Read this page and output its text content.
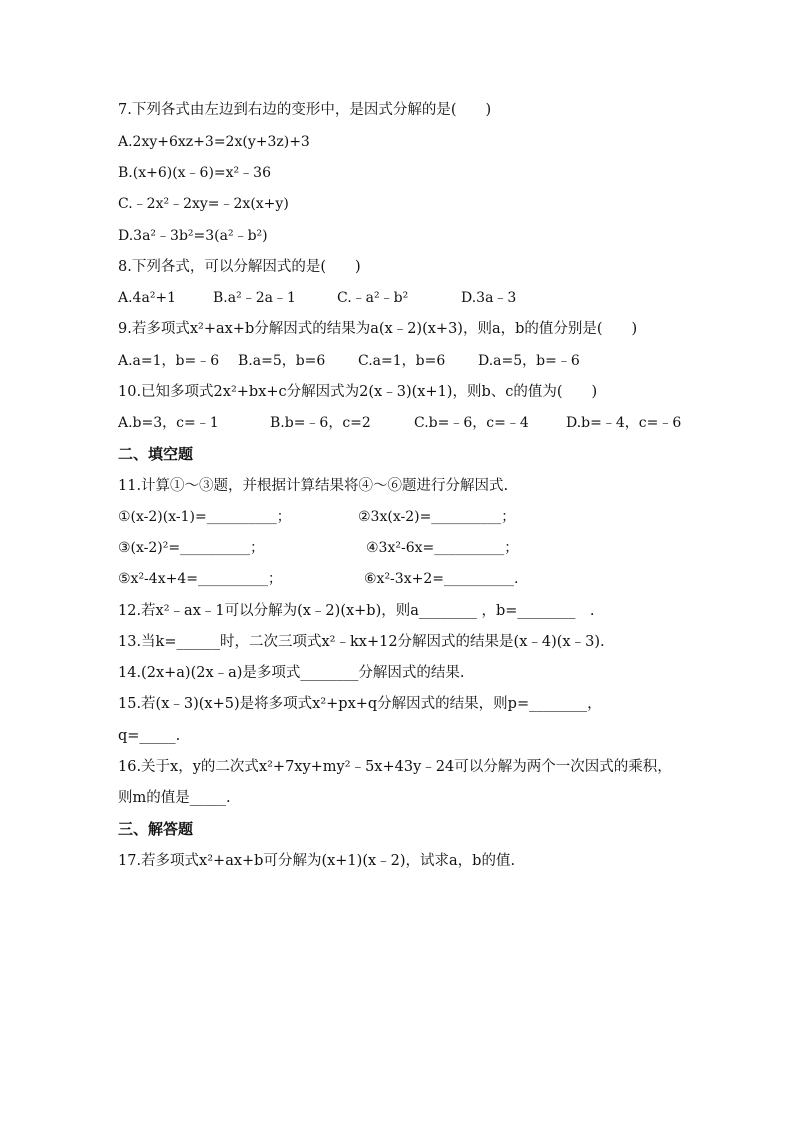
7.下列各式由左边到右边的变形中，是因式分解的是(　　)
A.2xy+6xz+3=2x(y+3z)+3
B.(x+6)(x﹣6)=x²﹣36
C.﹣2x²﹣2xy=﹣2x(x+y)
D.3a²﹣3b²=3(a²﹣b²)
8.下列各式，可以分解因式的是(　　)
A.4a²+1	B.a²﹣2a﹣1	C.﹣a²﹣b²	D.3a﹣3
9.若多项式x²+ax+b分解因式的结果为a(x﹣2)(x+3)，则a，b的值分别是(　　)
A.a=1，b=﹣6 B.a=5，b=6 C.a=1，b=6 D.a=5，b=﹣6
10.已知多项式2x²+bx+c分解因式为2(x﹣3)(x+1)，则b、c的值为(　　)
A.b=3，c=﹣1	B.b=﹣6，c=2	C.b=﹣6，c=﹣4	D.b=﹣4，c=﹣6
二、填空题
11.计算①～③题，并根据计算结果将④～⑥题进行分解因式.
①(x-2)(x-1)=__________；	②3x(x-2)=__________；
③(x-2)²=__________；	④3x²-6x=__________；
⑤x²-4x+4=__________；	⑥x²-3x+2=__________.
12.若x²﹣ax﹣1可以分解为(x﹣2)(x+b)，则a________ ，b=________　.
13.当k=______时，二次三项式x²﹣kx+12分解因式的结果是(x﹣4)(x﹣3).
14.(2x+a)(2x﹣a)是多项式________分解因式的结果.
15.若(x﹣3)(x+5)是将多项式x²+px+q分解因式的结果，则p=________，
q=_____.
16.关于x，y的二次式x²+7xy+my²﹣5x+43y﹣24可以分解为两个一次因式的乘积，
则m的值是_____.
三、解答题
17.若多项式x²+ax+b可分解为(x+1)(x﹣2)，试求a，b的值.
